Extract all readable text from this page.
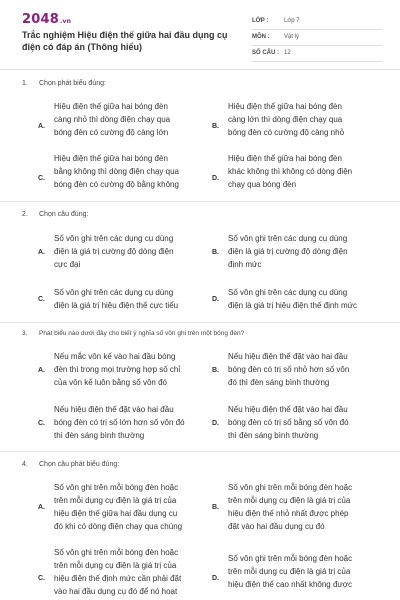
2048.vn
Trắc nghiệm Hiệu điện thế giữa hai đầu dụng cụ điện có đáp án (Thông hiểu)
LỚP :	Lớp 7
MÔN : Vật lý
SỐ CÂU : 12
1. Chọn phát biểu đúng:
A.
Hiệu điện thế giữa hai bóng đèn
càng nhỏ thì dòng điện chạy qua
bóng đèn có cường độ càng lớn
B.
Hiệu điện thế giữa hai bóng đèn
càng lớn thì dòng điện chạy qua
bóng đèn có cường độ càng nhỏ
C.
Hiệu điện thế giữa hai bóng đèn
bằng không thì dòng điện chạy qua
bóng đèn có cường độ bằng không
D.
Hiệu điện thế giữa hai bóng đèn
khác không thì không có dòng điện
chạy qua bóng đèn
2. Chọn câu đúng:
A.
Số vôn ghi trên các dụng cụ dùng
điện là giá trị cường độ dòng điện
cực đại
B.
Số vôn ghi trên các dụng cụ dùng
điện là giá trị cường độ dòng điện
định mức
C.
Số vôn ghi trên các dụng cụ dùng
điện là giá trị hiệu điện thế cực tiểu
D.
Số vôn ghi trên các dụng cụ dùng
điện là giá trị hiệu điện thế định mức
3. Phát biểu nào dưới đây cho biết ý nghĩa số vôn ghi trên một bóng đèn?
A.
Nếu mắc vôn kế vào hai đầu bóng
đèn thì trong mọi trường hợp số chỉ
của vôn kế luôn bằng số vôn đó
B.
Nếu hiệu điện thế đặt vào hai đầu
bóng đèn có trị số nhỏ hơn số vôn
đó thì đèn sáng bình thường
C.
Nếu hiệu điện thế đặt vào hai đầu
bóng đèn có trị số lớn hơn số vôn đó
thì đèn sáng bình thường
D.
Nếu hiệu điện thế đặt vào hai đầu
bóng đèn có trị số bằng số vôn đó
thì đèn sáng bình thường
4. Chọn câu phát biểu đúng:
A.
Số vôn ghi trên mỗi bóng đèn hoặc
trên mỗi dụng cụ điện là giá trị của
hiệu điện thế giữa hai đầu dụng cụ
đó khi có dòng điện chạy qua chúng
B.
Số vôn ghi trên mỗi bóng đèn hoặc
trên mỗi dụng cụ điện là giá trị của
hiệu điện thế nhỏ nhất được phép
đặt vào hai đầu dụng cụ đó
C.
Số vôn ghi trên mỗi bóng đèn hoặc
trên mỗi dụng cụ điện là giá trị của
hiệu điện thế định mức cần phải đặt
vào hai đầu dụng cụ đó để nó hoạt
D.
Số vôn ghi trên mỗi bóng đèn hoặc
trên mỗi dụng cụ điện là giá trị của
hiệu điện thế cao nhất không được
